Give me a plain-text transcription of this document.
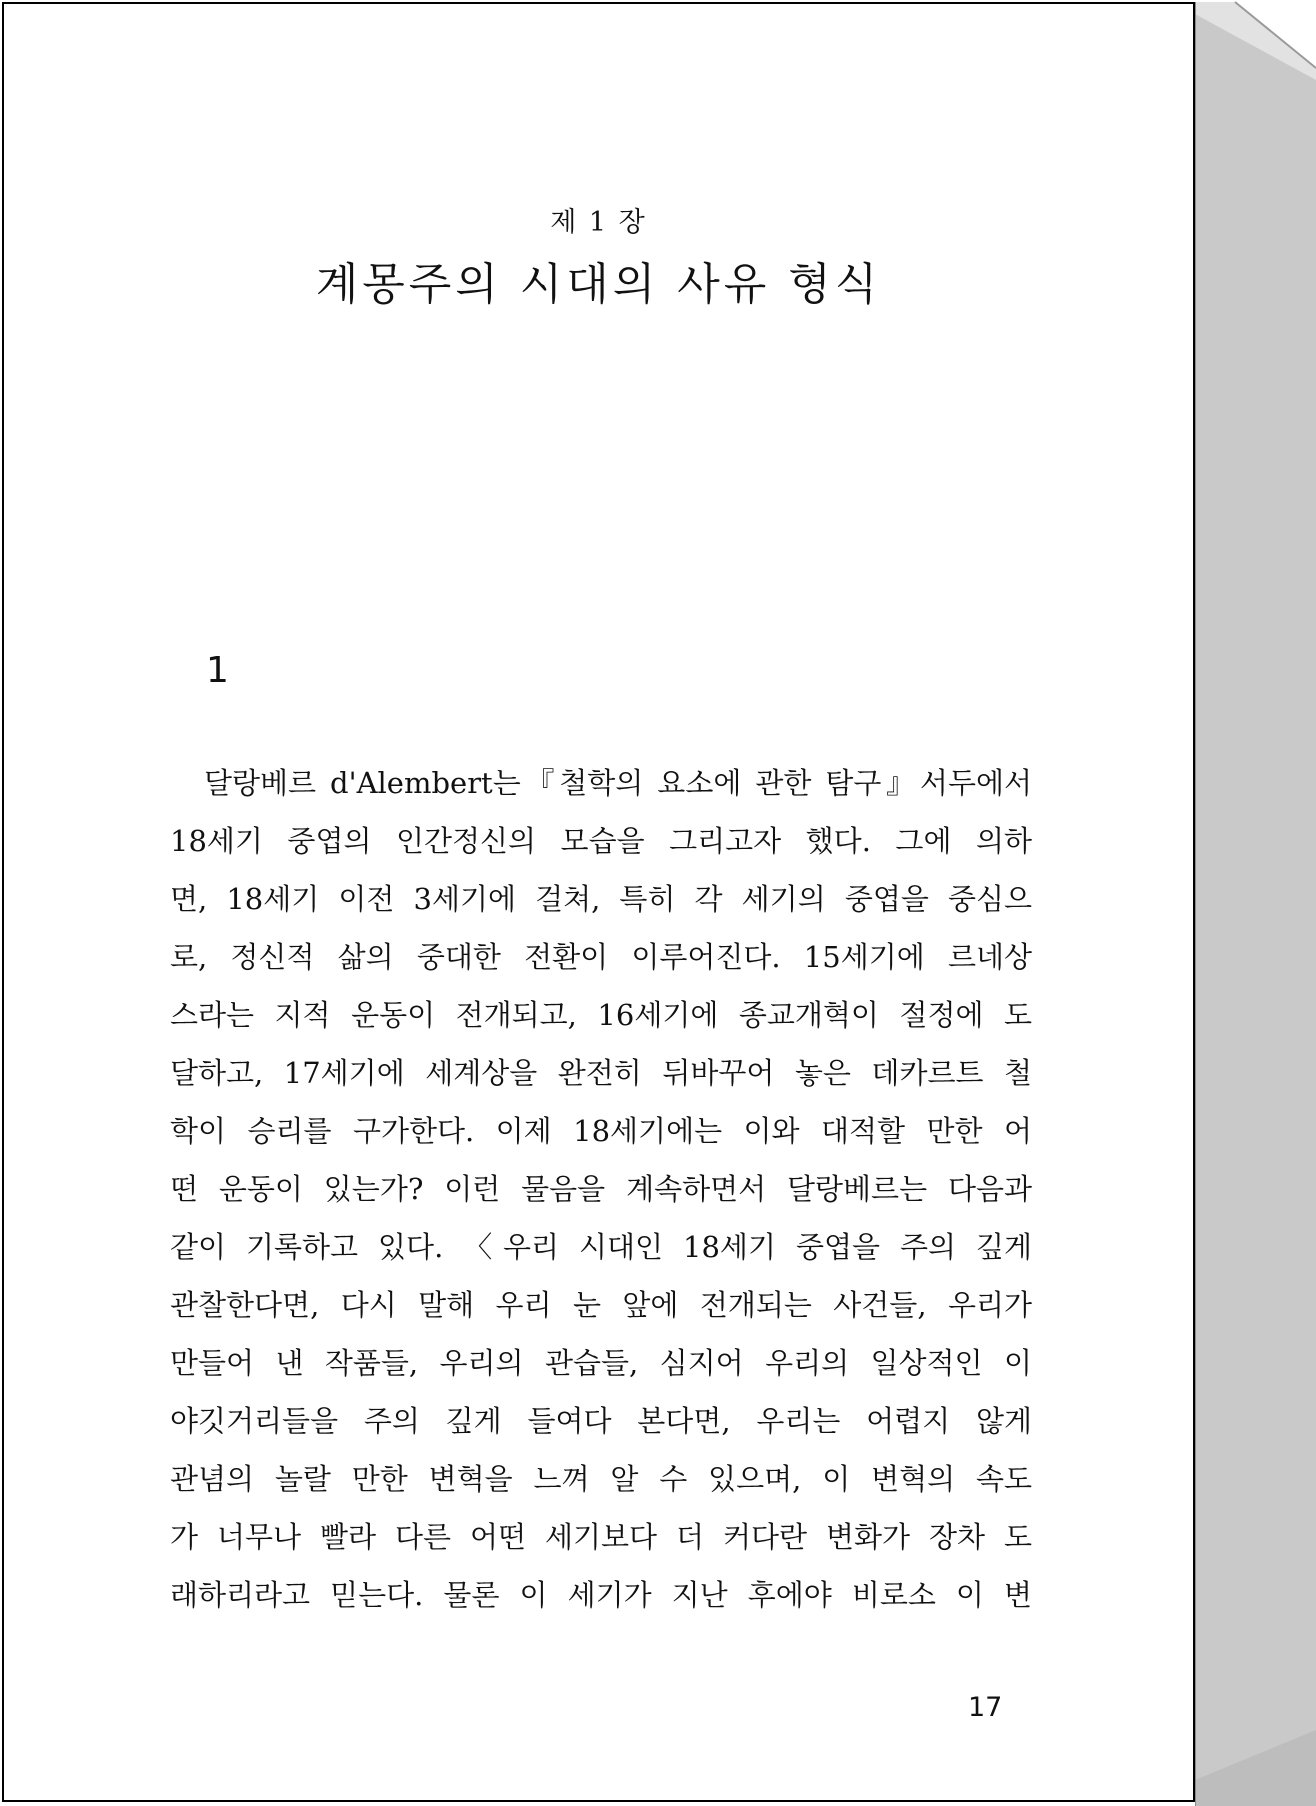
제 1 장
계몽주의 시대의 사유 형식
1
달랑베르 d'Alembert는『철학의 요소에 관한 탐구』서두에서
18세기 중엽의 인간정신의 모습을 그리고자 했다. 그에 의하
면, 18세기 이전 3세기에 걸쳐, 특히 각 세기의 중엽을 중심으
로, 정신적 삶의 중대한 전환이 이루어진다. 15세기에 르네상
스라는 지적 운동이 전개되고, 16세기에 종교개혁이 절정에 도
달하고, 17세기에 세계상을 완전히 뒤바꾸어 놓은 데카르트 철
학이 승리를 구가한다. 이제 18세기에는 이와 대적할 만한 어
떤 운동이 있는가? 이런 물음을 계속하면서 달랑베르는 다음과
같이 기록하고 있다. 〈우리 시대인 18세기 중엽을 주의 깊게
관찰한다면, 다시 말해 우리 눈 앞에 전개되는 사건들, 우리가
만들어 낸 작품들, 우리의 관습들, 심지어 우리의 일상적인 이
야깃거리들을 주의 깊게 들여다 본다면, 우리는 어렵지 않게
관념의 놀랄 만한 변혁을 느껴 알 수 있으며, 이 변혁의 속도
가 너무나 빨라 다른 어떤 세기보다 더 커다란 변화가 장차 도
래하리라고 믿는다. 물론 이 세기가 지난 후에야 비로소 이 변
17
